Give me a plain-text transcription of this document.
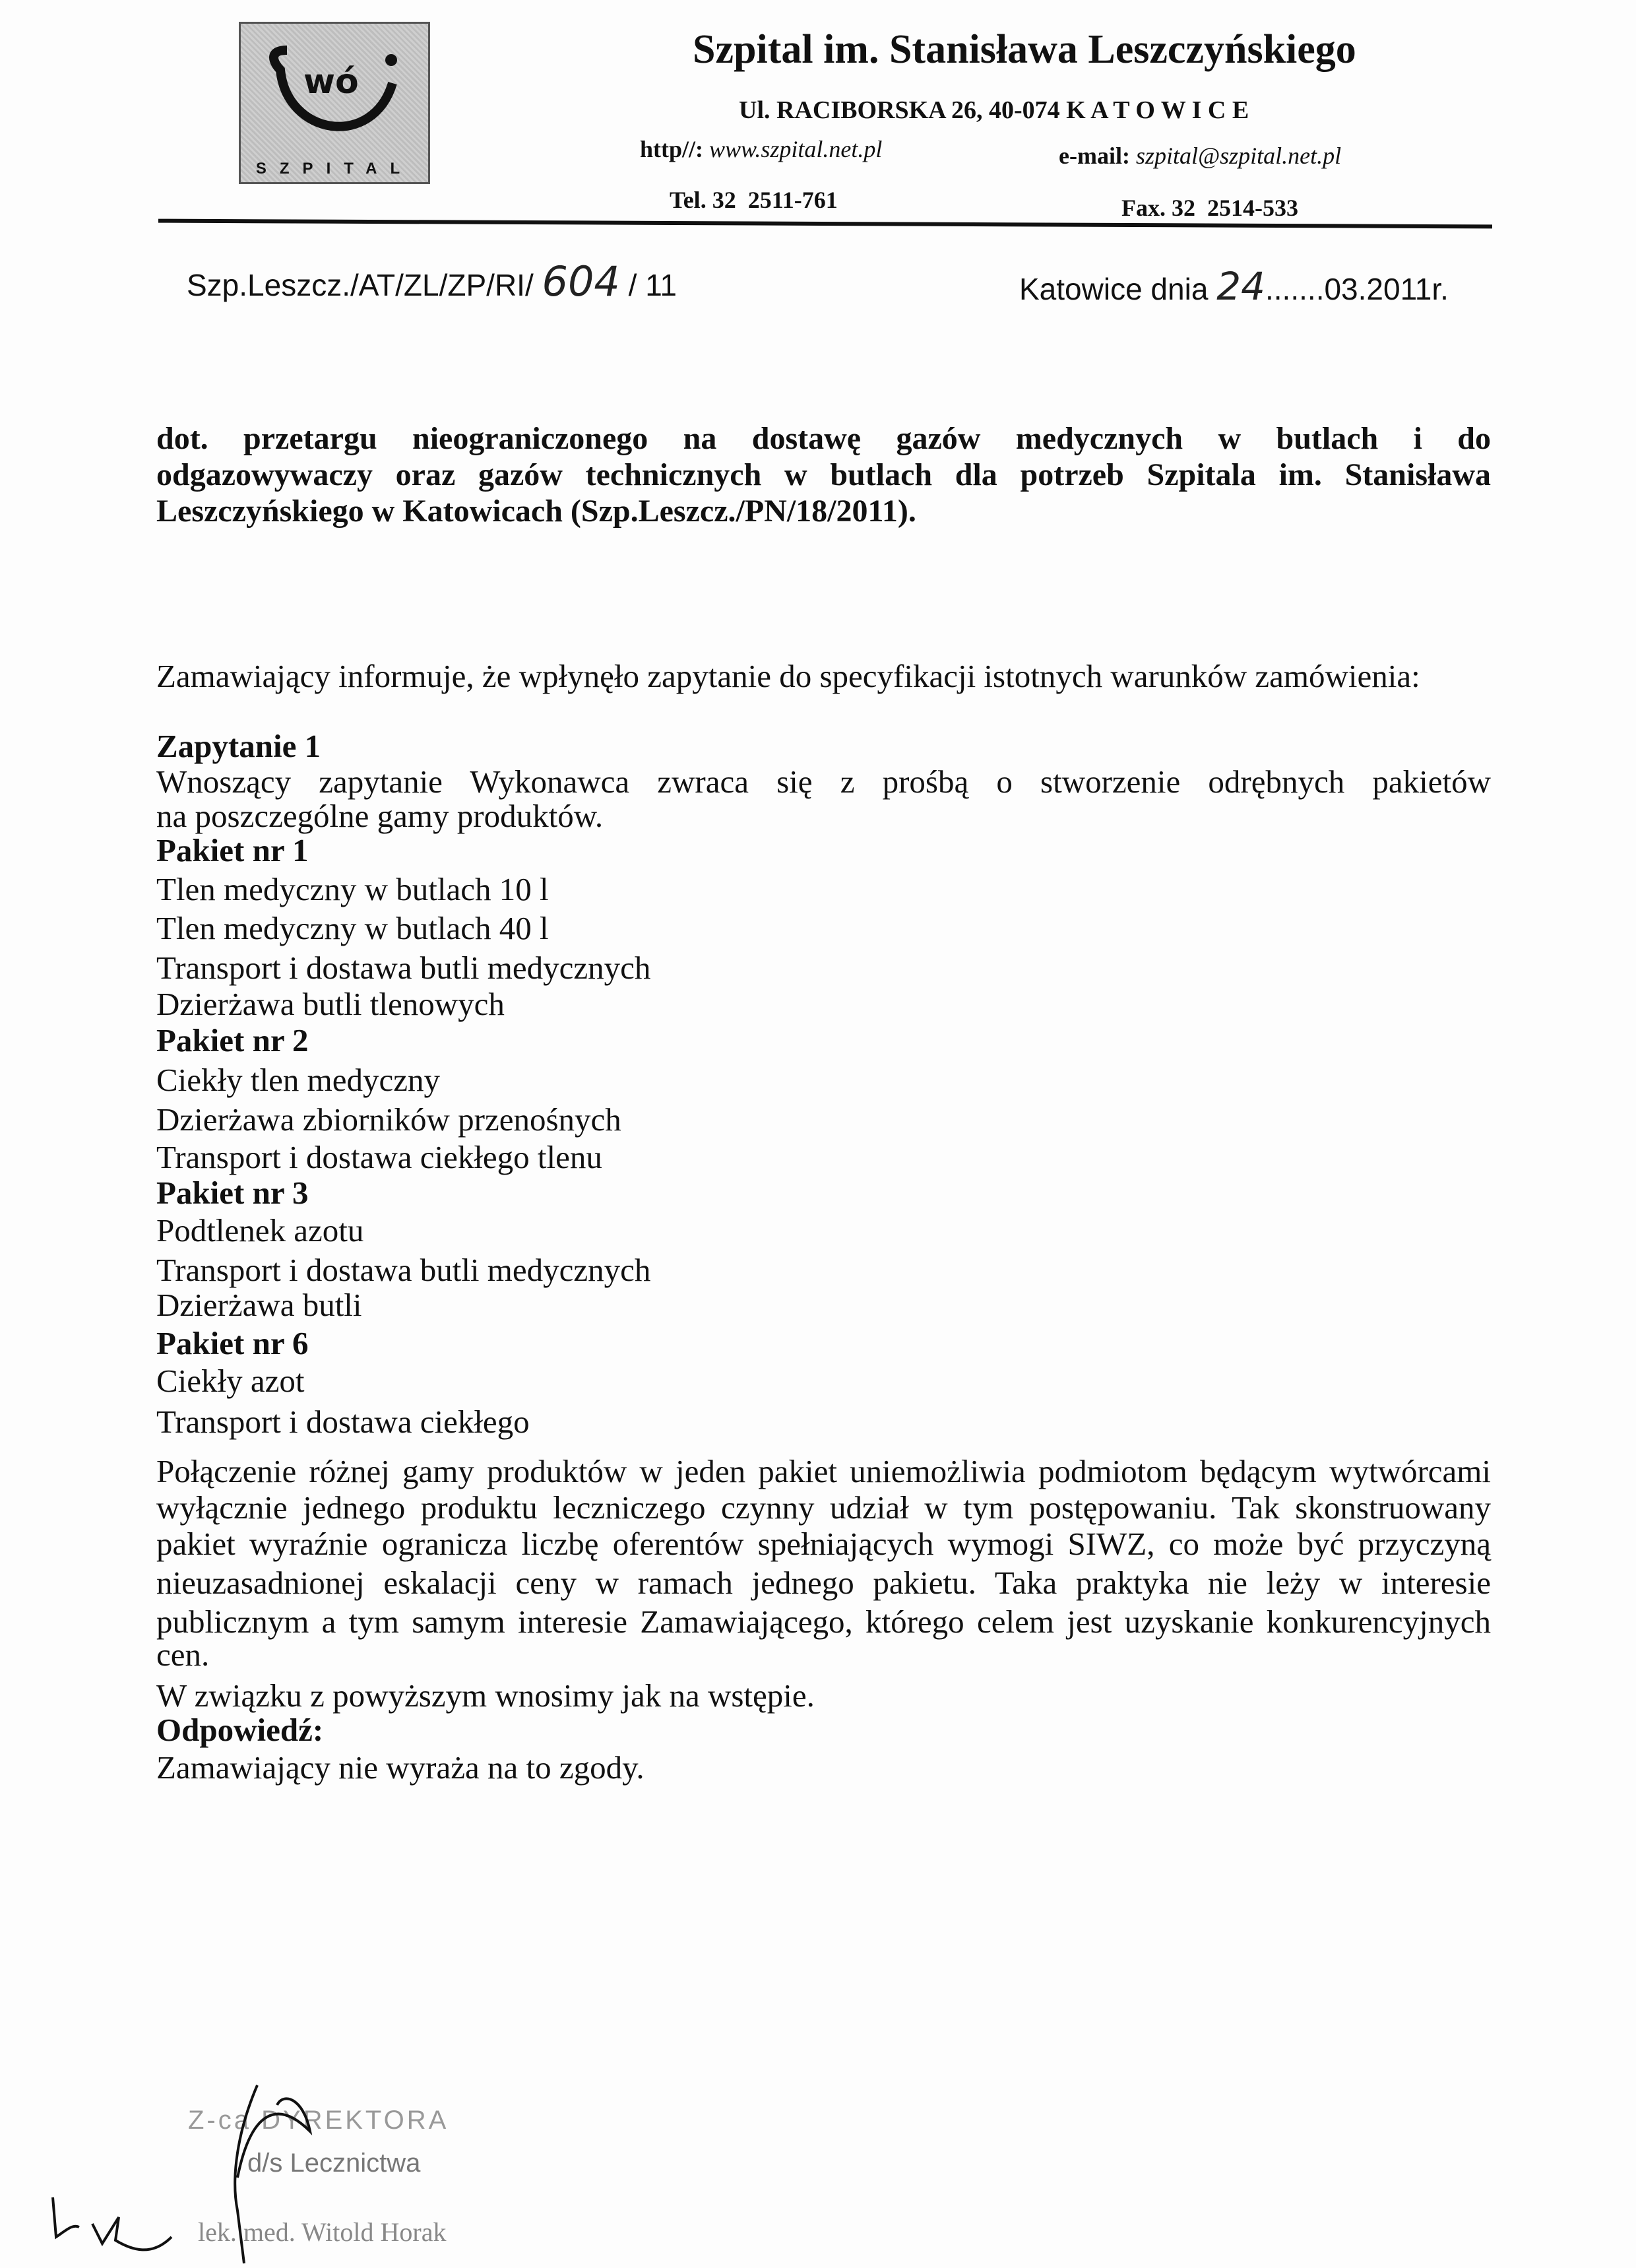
wó
SZPITAL
Szpital im. Stanisława Leszczyńskiego
Ul. RACIBORSKA 26, 40-074 K A T O W I C E
http//: www.szpital.net.pl	e-mail: szpital@szpital.net.pl
Tel. 32  2511-761	Fax. 32  2514-533
Szp.Leszcz./AT/ZL/ZP/RI/ 604 / 11	Katowice dnia 24.......03.2011r.
dot. przetargu nieograniczonego na dostawę gazów medycznych w butlach i do
odgazowywaczy oraz gazów technicznych w butlach dla potrzeb Szpitala im. Stanisława
Leszczyńskiego w Katowicach (Szp.Leszcz./PN/18/2011).
Zamawiający informuje, że wpłynęło zapytanie do specyfikacji istotnych warunków zamówienia:
Zapytanie 1
Wnoszący zapytanie Wykonawca zwraca się z prośbą o stworzenie odrębnych pakietów
na poszczególne gamy produktów.
Pakiet nr 1
Tlen medyczny w butlach 10 l
Tlen medyczny w butlach 40 l
Transport i dostawa butli medycznych
Dzierżawa butli tlenowych
Pakiet nr 2
Ciekły tlen medyczny
Dzierżawa zbiorników przenośnych
Transport i dostawa ciekłego tlenu
Pakiet nr 3
Podtlenek azotu
Transport i dostawa butli medycznych
Dzierżawa butli
Pakiet nr 6
Ciekły azot
Transport i dostawa ciekłego
Połączenie różnej gamy produktów w jeden pakiet uniemożliwia podmiotom będącym wytwórcami
wyłącznie jednego produktu leczniczego czynny udział w tym postępowaniu. Tak skonstruowany
pakiet wyraźnie ogranicza liczbę oferentów spełniających wymogi SIWZ, co może być przyczyną
nieuzasadnionej eskalacji ceny w ramach jednego pakietu. Taka praktyka nie leży w interesie
publicznym a tym samym interesie Zamawiającego, którego celem jest uzyskanie konkurencyjnych
cen.
W związku z powyższym wnosimy jak na wstępie.
Odpowiedź:
Zamawiający nie wyraża na to zgody.
Z-ca DYREKTORA
d/s Lecznictwa
lek. med. Witold Horak
